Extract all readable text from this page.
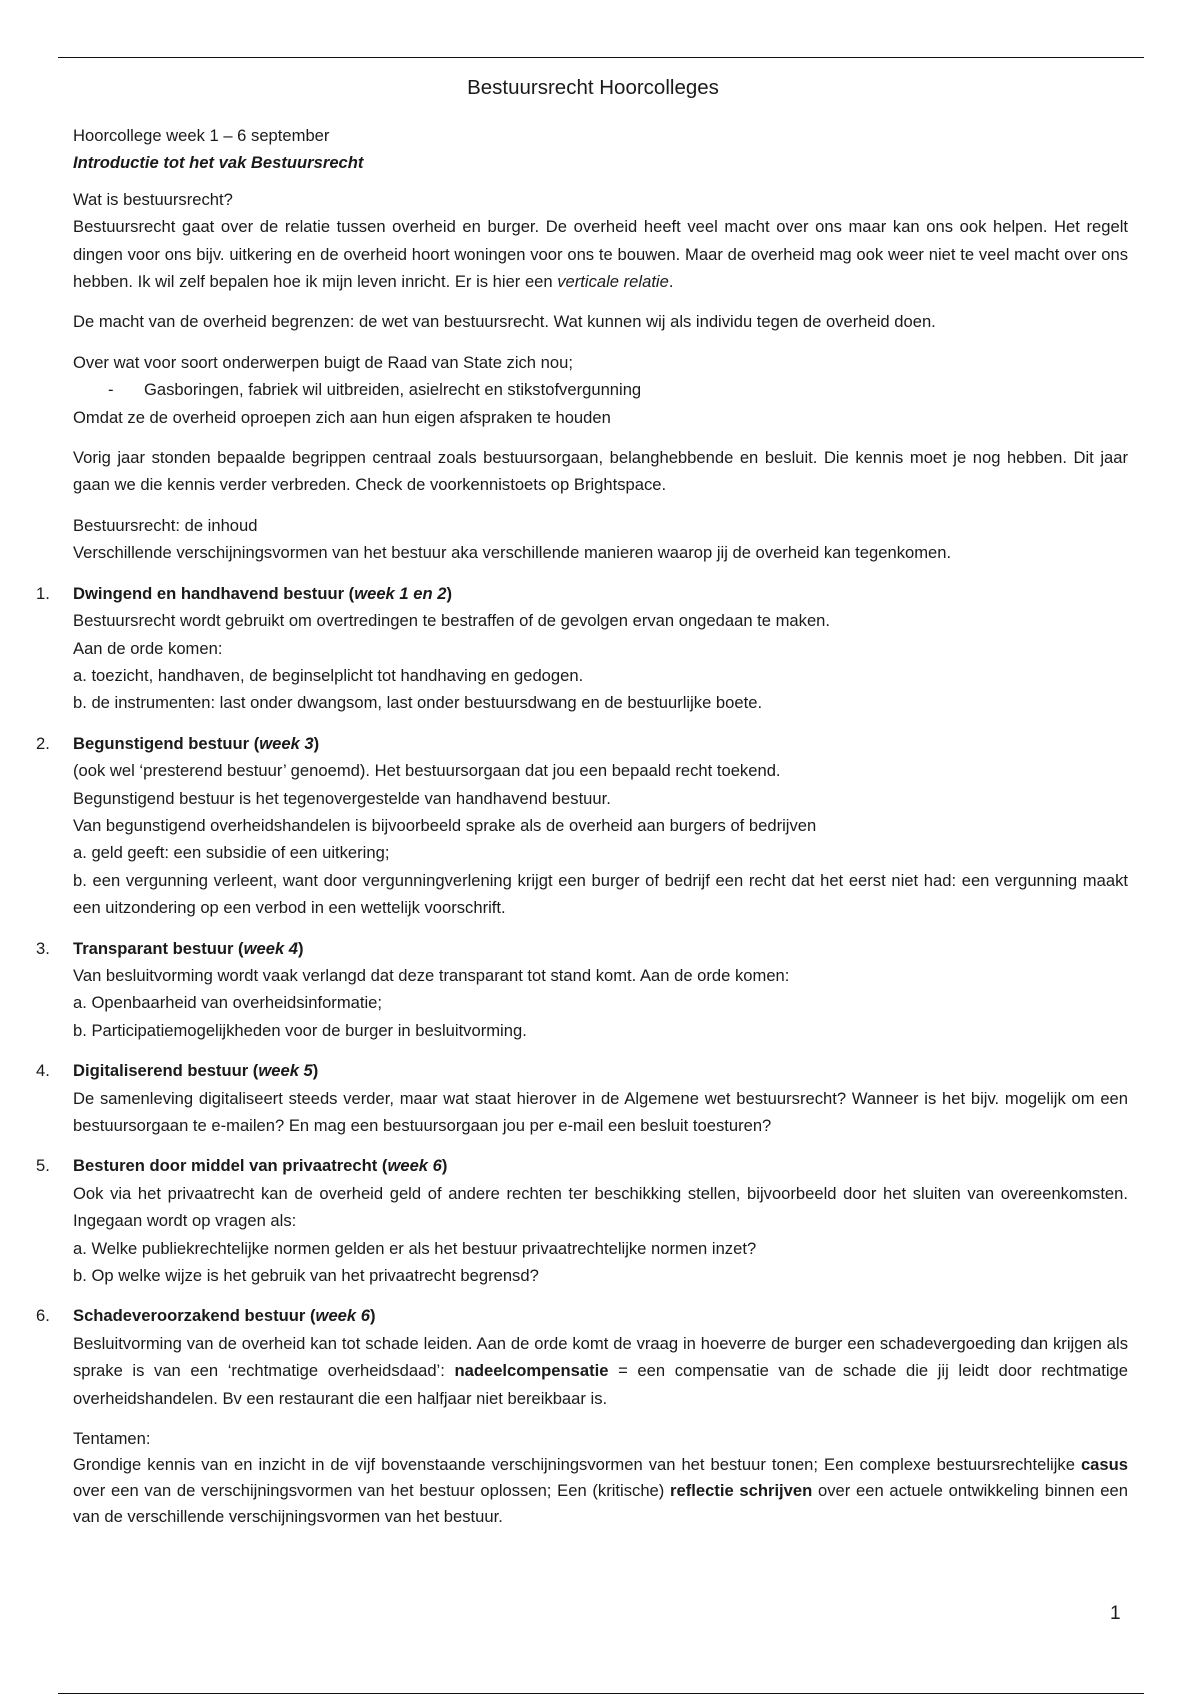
Bestuursrecht Hoorcolleges

Hoorcollege week 1 – 6 september

Introductie tot het vak Bestuursrecht

Wat is bestuursrecht?

Bestuursrecht gaat over de relatie tussen overheid en burger. De overheid heeft veel macht over ons maar kan ons ook helpen. Het regelt dingen voor ons bijv. uitkering en de overheid hoort woningen voor ons te bouwen. Maar de overheid mag ook weer niet te veel macht over ons hebben. Ik wil zelf bepalen hoe ik mijn leven inricht. Er is hier een verticale relatie.

De macht van de overheid begrenzen: de wet van bestuursrecht. Wat kunnen wij als individu tegen de overheid doen.

Over wat voor soort onderwerpen buigt de Raad van State zich nou;

- Gasboringen, fabriek wil uitbreiden, asielrecht en stikstofvergunning

Omdat ze de overheid oproepen zich aan hun eigen afspraken te houden

Vorig jaar stonden bepaalde begrippen centraal zoals bestuursorgaan, belanghebbende en besluit. Die kennis moet je nog hebben. Dit jaar gaan we die kennis verder verbreden. Check de voorkennistoets op Brightspace.

Bestuursrecht: de inhoud

Verschillende verschijningsvormen van het bestuur aka verschillende manieren waarop jij de overheid kan tegenkomen.

1. Dwingend en handhavend bestuur (week 1 en 2)

Bestuursrecht wordt gebruikt om overtredingen te bestraffen of de gevolgen ervan ongedaan te maken.

Aan de orde komen:

a. toezicht, handhaven, de beginselplicht tot handhaving en gedogen.

b. de instrumenten: last onder dwangsom, last onder bestuursdwang en de bestuurlijke boete.

2. Begunstigend bestuur (week 3)

(ook wel ‘presterend bestuur’ genoemd). Het bestuursorgaan dat jou een bepaald recht toekend.

Begunstigend bestuur is het tegenovergestelde van handhavend bestuur.

Van begunstigend overheidshandelen is bijvoorbeeld sprake als de overheid aan burgers of bedrijven

a. geld geeft: een subsidie of een uitkering;

b. een vergunning verleent, want door vergunningverlening krijgt een burger of bedrijf een recht dat het eerst niet had: een vergunning maakt een uitzondering op een verbod in een wettelijk voorschrift.

3. Transparant bestuur (week 4)

Van besluitvorming wordt vaak verlangd dat deze transparant tot stand komt. Aan de orde komen:

a. Openbaarheid van overheidsinformatie;

b. Participatiemogelijkheden voor de burger in besluitvorming.

4. Digitaliserend bestuur (week 5)

De samenleving digitaliseert steeds verder, maar wat staat hierover in de Algemene wet bestuursrecht? Wanneer is het bijv. mogelijk om een bestuursorgaan te e-mailen? En mag een bestuursorgaan jou per e-mail een besluit toesturen?

5. Besturen door middel van privaatrecht (week 6)

Ook via het privaatrecht kan de overheid geld of andere rechten ter beschikking stellen, bijvoorbeeld door het sluiten van overeenkomsten. Ingegaan wordt op vragen als:

a. Welke publiekrechtelijke normen gelden er als het bestuur privaatrechtelijke normen inzet?

b. Op welke wijze is het gebruik van het privaatrecht begrensd?

6. Schadeveroorzakend bestuur (week 6)

Besluitvorming van de overheid kan tot schade leiden. Aan de orde komt de vraag in hoeverre de burger een schadevergoeding dan krijgen als sprake is van een ‘rechtmatige overheidsdaad’: nadeelcompensatie = een compensatie van de schade die jij leidt door rechtmatige overheidshandelen. Bv een restaurant die een halfjaar niet bereikbaar is.

Tentamen:

Grondige kennis van en inzicht in de vijf bovenstaande verschijningsvormen van het bestuur tonen; Een complexe bestuursrechtelijke casus over een van de verschijningsvormen van het bestuur oplossen; Een (kritische) reflectie schrijven over een actuele ontwikkeling binnen een van de verschillende verschijningsvormen van het bestuur.

1
